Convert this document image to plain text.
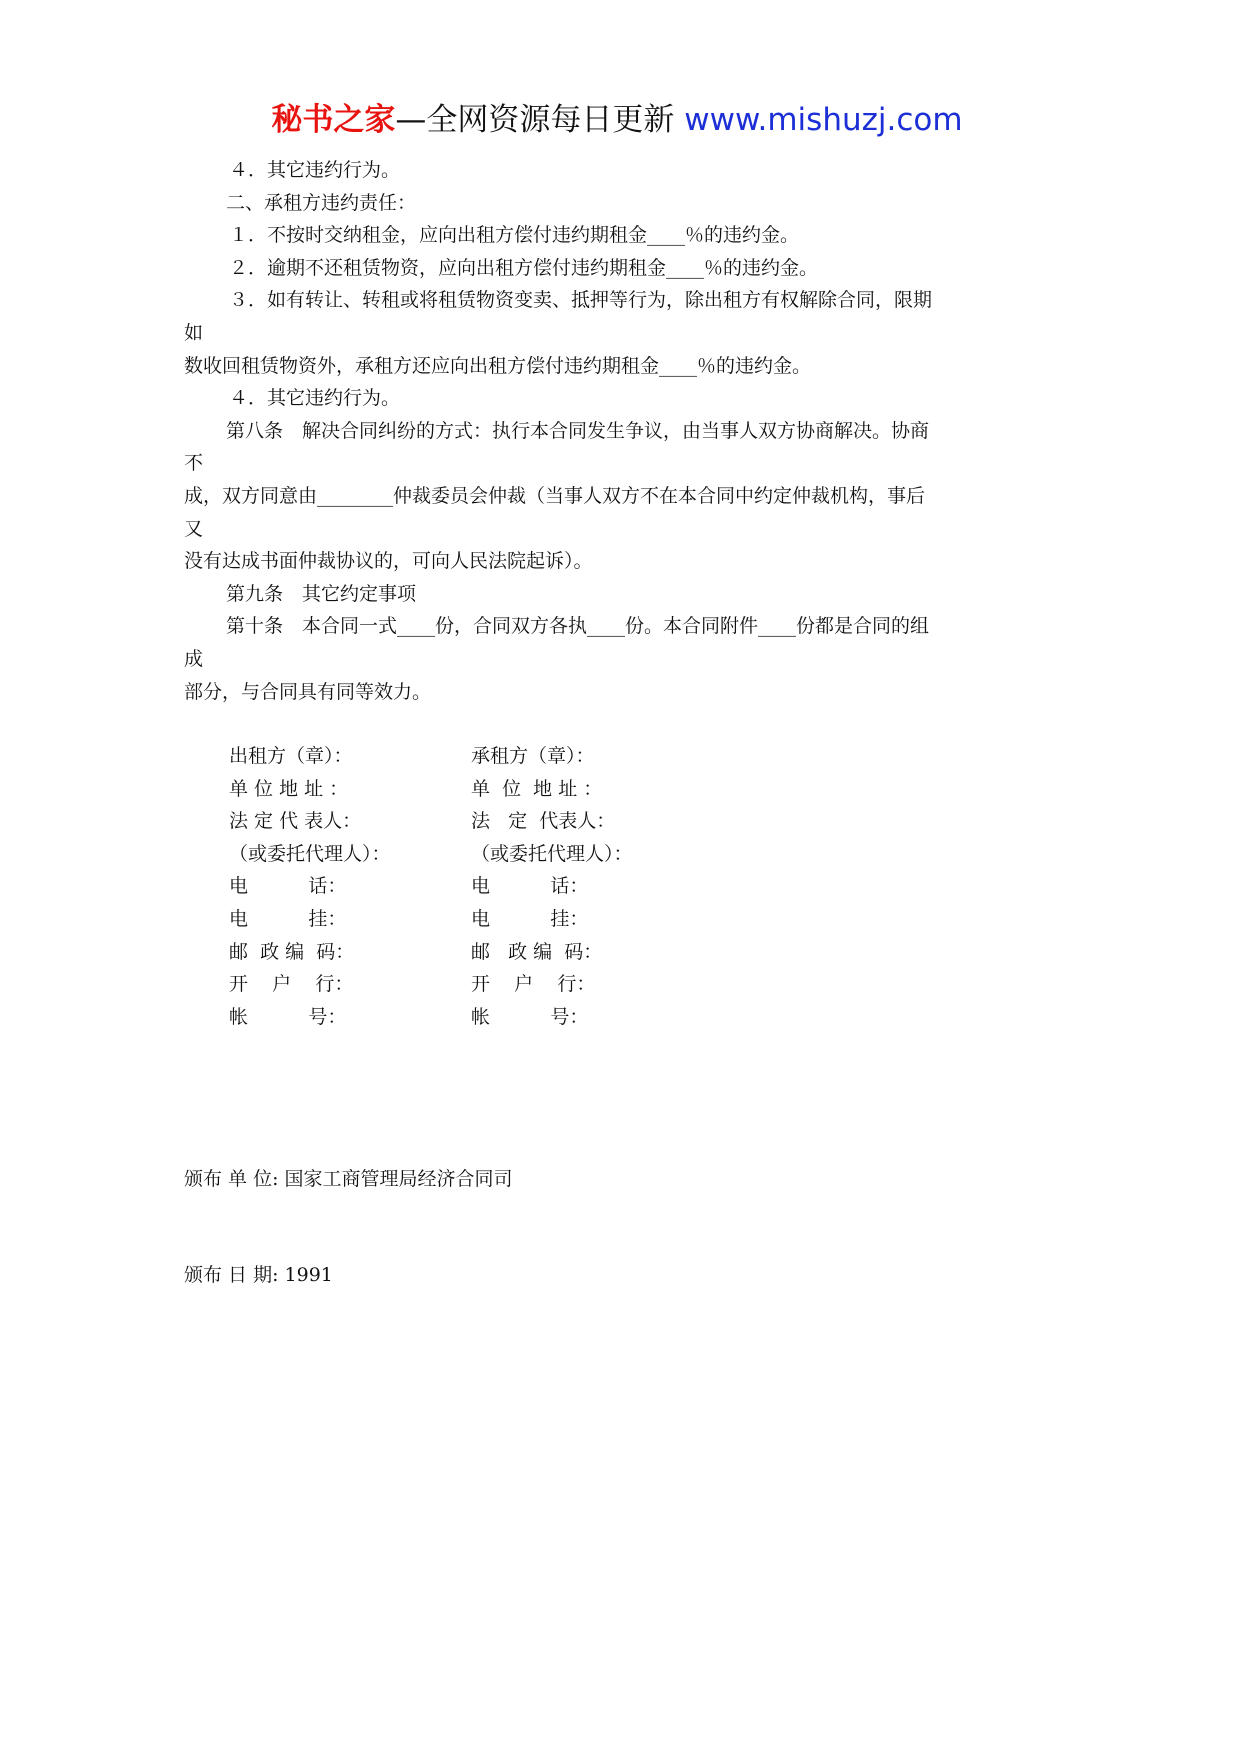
秘书之家—全网资源每日更新 www.mishuzj.com
４．其它违约行为。
二、承租方违约责任：
１．不按时交纳租金，应向出租方偿付违约期租金____％的违约金。
２．逾期不还租赁物资，应向出租方偿付违约期租金____％的违约金。
３．如有转让、转租或将租赁物资变卖、抵押等行为，除出租方有权解除合同，限期
如
数收回租赁物资外，承租方还应向出租方偿付违约期租金____％的违约金。
４．其它违约行为。
第八条　解决合同纠纷的方式：执行本合同发生争议，由当事人双方协商解决。协商
不
成，双方同意由________仲裁委员会仲裁（当事人双方不在本合同中约定仲裁机构，事后
又
没有达成书面仲裁协议的，可向人民法院起诉）。
第九条　其它约定事项
第十条　本合同一式____份，合同双方各执____份。本合同附件____份都是合同的组
成
部分，与合同具有同等效力。
出租方（章）：	承租方（章）：
单 位 地 址 ：	单  位  地 址 ：
法 定 代 表人：	法   定  代表人：
（或委托代理人）：	（或委托代理人）：
电          话：	电          话：
电          挂：	电          挂：
邮  政 编  码：	邮   政 编  码：
开    户    行：	开    户    行：
帐          号：	帐          号：

颁布 单 位: 国家工商管理局经济合同司

颁布 日 期: 1991
